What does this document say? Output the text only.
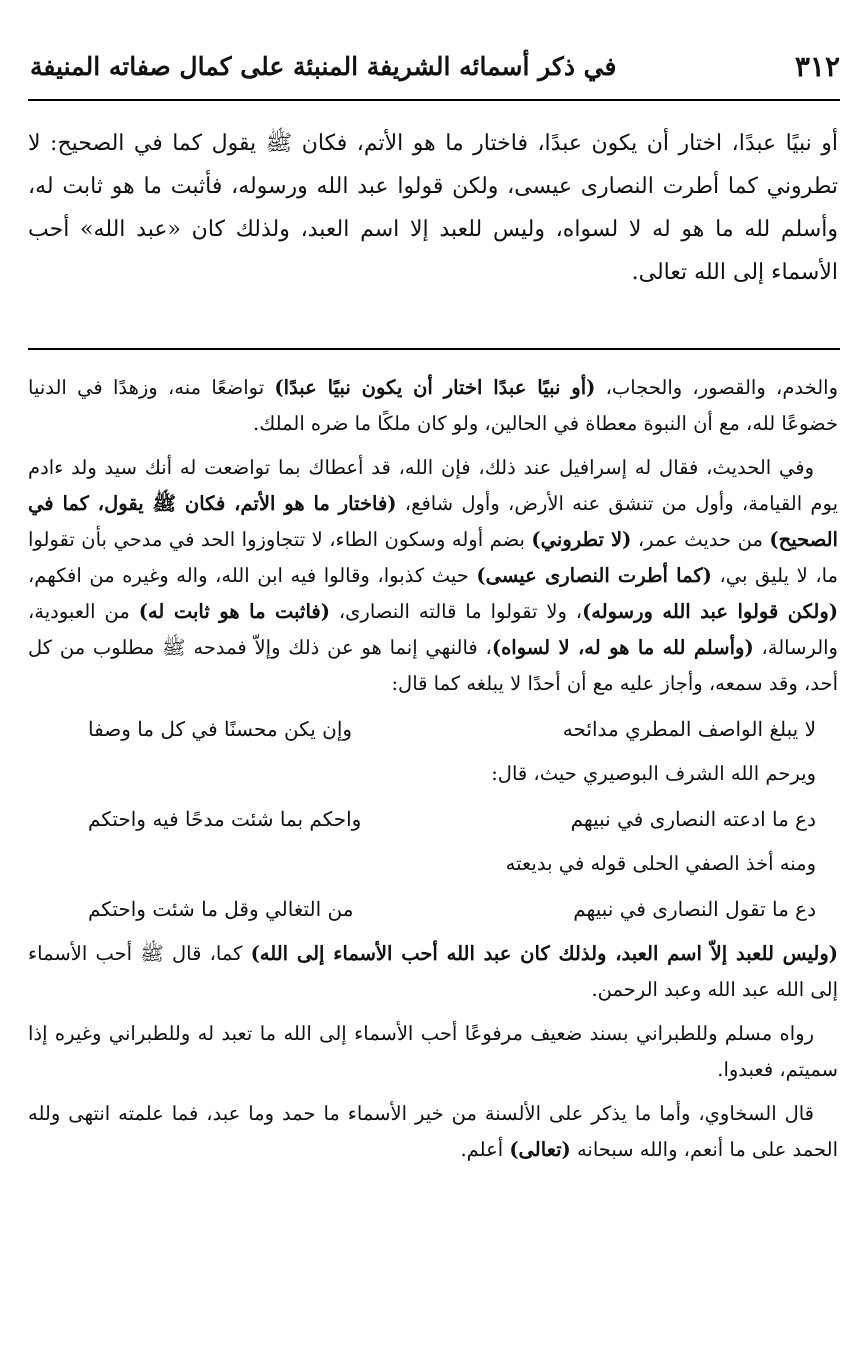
٣١٢
في ذكر أسمائه الشريفة المنبئة على كمال صفاته المنيفة
أو نبيًا عبدًا، اختار أن يكون عبدًا، فاختار ما هو الأتم، فكان ﷺ يقول كما في الصحيح: لا تطروني كما أطرت النصارى عيسى، ولكن قولوا عبد الله ورسوله، فأثبت ما هو ثابت له، وأسلم لله ما هو له لا لسواه، وليس للعبد إلا اسم العبد، ولذلك كان «عبد الله» أحب الأسماء إلى الله تعالى.

والخدم، والقصور، والحجاب، (أو نبيًا عبدًا اختار أن يكون نبيًا عبدًا) تواضعًا منه، وزهدًا في الدنيا خضوعًا لله، مع أن النبوة معطاة في الحالين، ولو كان ملكًا ما ضره الملك.

وفي الحديث، فقال له إسرافيل عند ذلك، فإن الله، قد أعطاك بما تواضعت له أنك سيد ولد ءادم يوم القيامة، وأول من تنشق عنه الأرض، وأول شافع، (فاختار ما هو الأتم، فكان ﷺ يقول، كما في الصحيح) من حديث عمر، (لا تطروني) بضم أوله وسكون الطاء، لا تتجاوزوا الحد في مدحي بأن تقولوا ما، لا يليق بي، (كما أطرت النصارى عيسى) حيث كذبوا، وقالوا فيه ابن الله، واله وغيره من افكهم، (ولكن قولوا عبد الله ورسوله)، ولا تقولوا ما قالته النصارى، (فاثبت ما هو ثابت له) من العبودية، والرسالة، (وأسلم لله ما هو له، لا لسواه)، فالنهي إنما هو عن ذلك وإلاّ فمدحه ﷺ مطلوب من كل أحد، وقد سمعه، وأجاز عليه مع أن أحدًا لا يبلغه كما قال:

لا يبلغ الواصف المطري مدائحه
وإن يكن محسنًا في كل ما وصفا

ويرحم الله الشرف البوصيري حيث، قال:

دع ما ادعته النصارى في نبيهم
واحكم بما شئت مدحًا فيه واحتكم

ومنه أخذ الصفي الحلى قوله في بديعته

دع ما تقول النصارى في نبيهم
من التغالي وقل ما شئت واحتكم

(وليس للعبد إلاّ اسم العبد، ولذلك كان عبد الله أحب الأسماء إلى الله) كما، قال ﷺ أحب الأسماء إلى الله عبد الله وعبد الرحمن.

رواه مسلم وللطبراني بسند ضعيف مرفوعًا أحب الأسماء إلى الله ما تعبد له وللطبراني وغيره إذا سميتم، فعبدوا.

قال السخاوي، وأما ما يذكر على الألسنة من خير الأسماء ما حمد وما عبد، فما علمته انتهى ولله الحمد على ما أنعم، والله سبحانه (تعالى) أعلم.
